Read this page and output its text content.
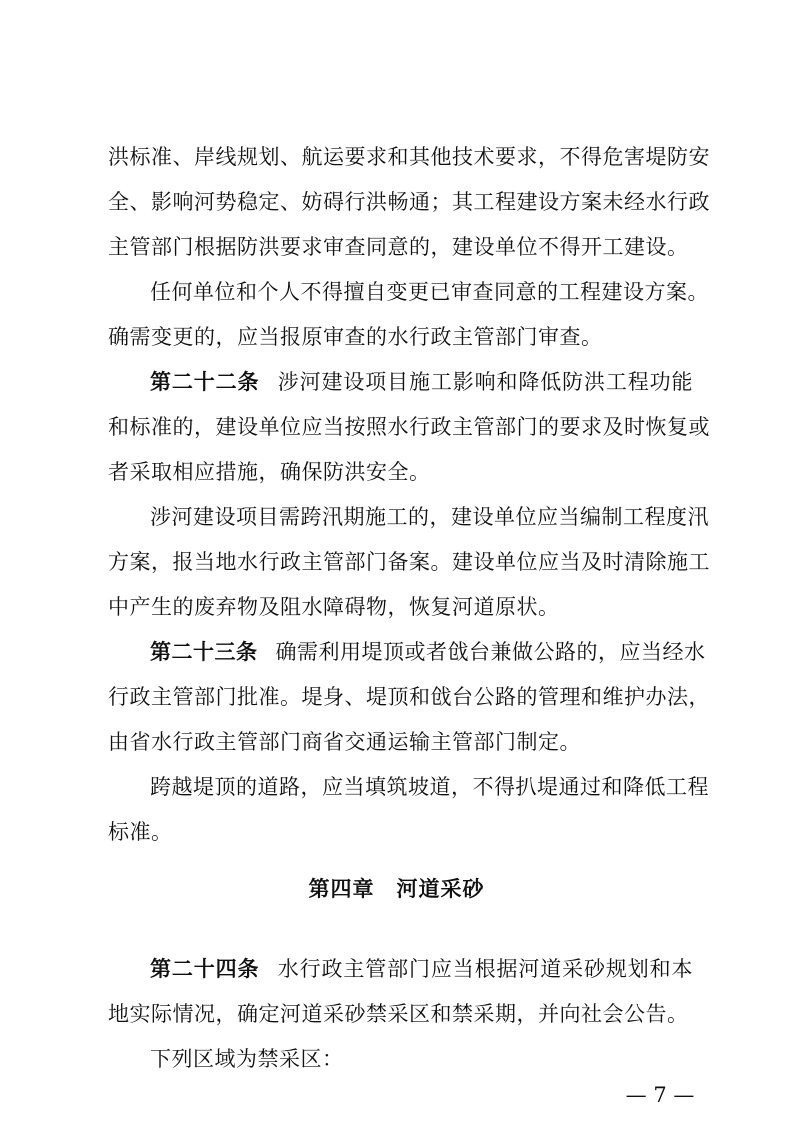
洪标准、岸线规划、航运要求和其他技术要求，不得危害堤防安
全、影响河势稳定、妨碍行洪畅通；其工程建设方案未经水行政
主管部门根据防洪要求审查同意的，建设单位不得开工建设。
任何单位和个人不得擅自变更已审查同意的工程建设方案。
确需变更的，应当报原审查的水行政主管部门审查。
第二十二条 涉河建设项目施工影响和降低防洪工程功能
和标准的，建设单位应当按照水行政主管部门的要求及时恢复或
者采取相应措施，确保防洪安全。
涉河建设项目需跨汛期施工的，建设单位应当编制工程度汛
方案，报当地水行政主管部门备案。建设单位应当及时清除施工
中产生的废弃物及阻水障碍物，恢复河道原状。
第二十三条 确需利用堤顶或者戗台兼做公路的，应当经水
行政主管部门批准。堤身、堤顶和戗台公路的管理和维护办法，
由省水行政主管部门商省交通运输主管部门制定。
跨越堤顶的道路，应当填筑坡道，不得扒堤通过和降低工程
标准。
第四章 河道采砂
第二十四条 水行政主管部门应当根据河道采砂规划和本
地实际情况，确定河道采砂禁采区和禁采期，并向社会公告。
下列区域为禁采区：
— 7 —
